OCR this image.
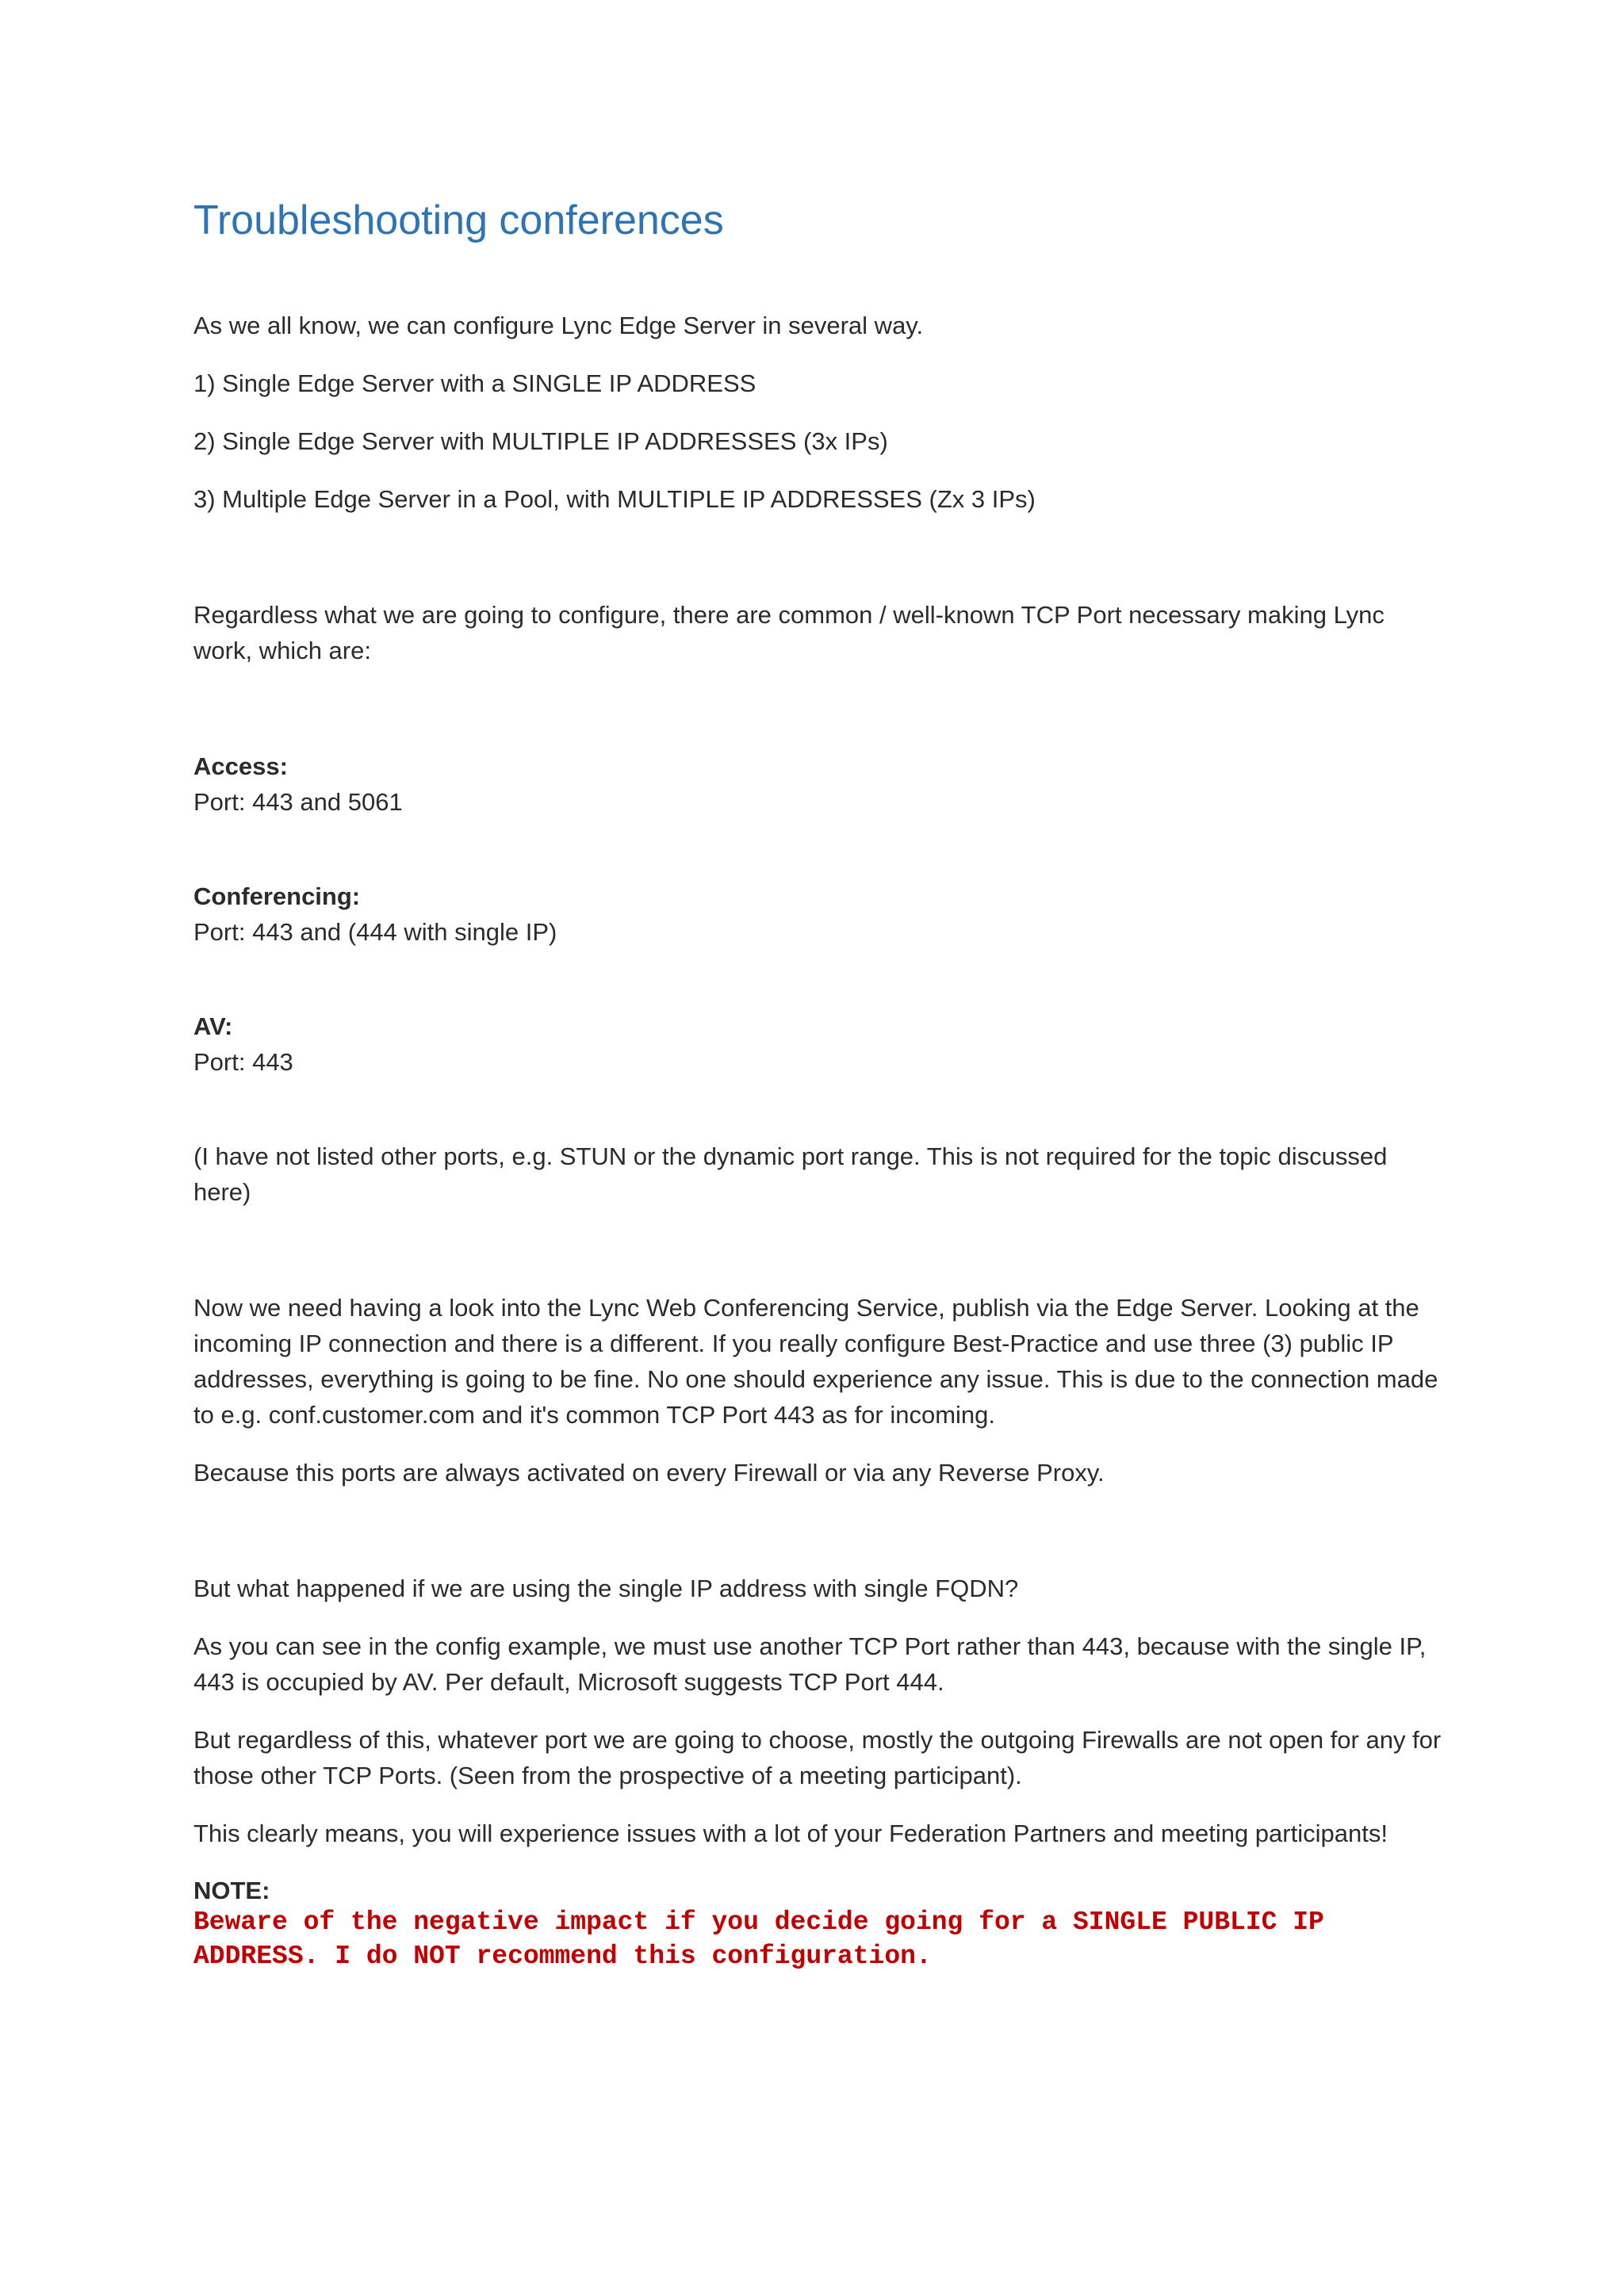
Troubleshooting conferences

As we all know, we can configure Lync Edge Server in several way.

1) Single Edge Server with a SINGLE IP ADDRESS

2) Single Edge Server with MULTIPLE IP ADDRESSES (3x IPs)

3) Multiple Edge Server in a Pool, with MULTIPLE IP ADDRESSES (Zx 3 IPs)

Regardless what we are going to configure, there are common / well-known TCP Port necessary making Lync work, which are:

Access:
Port: 443 and 5061

Conferencing:
Port: 443 and (444 with single IP)

AV:
Port: 443

(I have not listed other ports, e.g. STUN or the dynamic port range. This is not required for the topic discussed here)

Now we need having a look into the Lync Web Conferencing Service, publish via the Edge Server. Looking at the incoming IP connection and there is a different. If you really configure Best-Practice and use three (3) public IP addresses, everything is going to be fine. No one should experience any issue. This is due to the connection made to e.g. conf.customer.com and it's common TCP Port 443 as for incoming.

Because this ports are always activated on every Firewall or via any Reverse Proxy.

But what happened if we are using the single IP address with single FQDN?

As you can see in the config example, we must use another TCP Port rather than 443, because with the single IP, 443 is occupied by AV. Per default, Microsoft suggests TCP Port 444.

But regardless of this, whatever port we are going to choose, mostly the outgoing Firewalls are not open for any for those other TCP Ports. (Seen from the prospective of a meeting participant).

This clearly means, you will experience issues with a lot of your Federation Partners and meeting participants!

NOTE:

Beware of the negative impact if you decide going for a SINGLE PUBLIC IP
ADDRESS. I do NOT recommend this configuration.
